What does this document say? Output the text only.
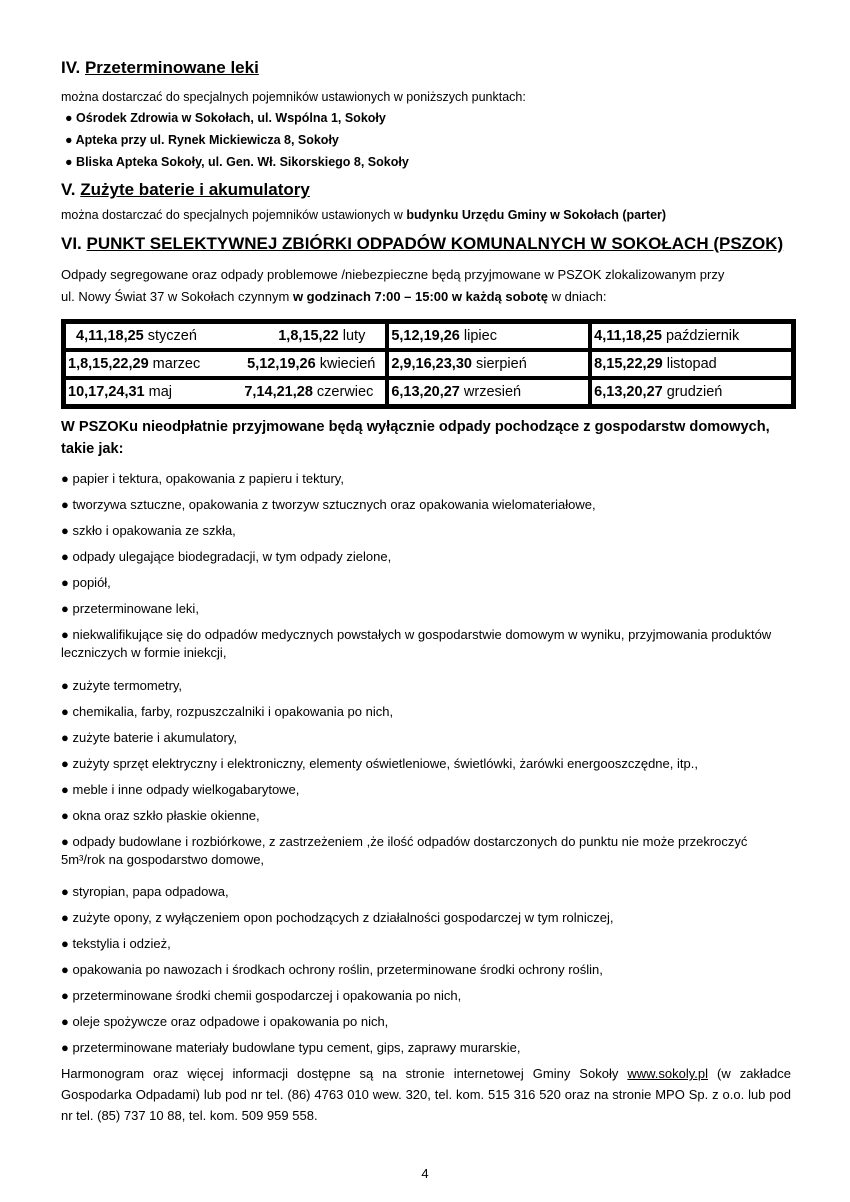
IV. Przeterminowane leki
można dostarczać do specjalnych pojemników ustawionych w poniższych punktach:
● Ośrodek Zdrowia w Sokołach, ul. Wspólna 1, Sokoły
● Apteka przy ul. Rynek Mickiewicza 8, Sokoły
● Bliska Apteka Sokoły, ul. Gen. Wł. Sikorskiego 8, Sokoły
V. Zużyte baterie i akumulatory
można dostarczać do specjalnych pojemników ustawionych w budynku Urzędu Gminy w Sokołach (parter)
VI. PUNKT SELEKTYWNEJ ZBIÓRKI ODPADÓW KOMUNALNYCH W SOKOŁACH (PSZOK)
Odpady segregowane oraz odpady problemowe /niebezpieczne będą przyjmowane w PSZOK zlokalizowanym przy
ul. Nowy Świat 37 w Sokołach czynnym w godzinach 7:00 – 15:00 w każdą sobotę w dniach:
4,11,18,25 styczeń 1,8,15,22 luty	5,12,19,26 lipiec	4,11,18,25 październik

1,8,15,22,29 marzec 5,12,19,26 kwiecień	2,9,16,23,30 sierpień	8,15,22,29 listopad

10,17,24,31 maj 7,14,21,28 czerwiec	6,13,20,27 wrzesień	6,13,20,27 grudzień
W PSZOKu nieodpłatnie przyjmowane będą wyłącznie odpady pochodzące z gospodarstw domowych, takie jak:
● papier i tektura, opakowania z papieru i tektury,
● tworzywa sztuczne, opakowania z tworzyw sztucznych oraz opakowania wielomateriałowe,
● szkło i opakowania ze szkła,
● odpady ulegające biodegradacji, w tym odpady zielone,
● popiół,
● przeterminowane leki,
● niekwalifikujące się do odpadów medycznych powstałych w gospodarstwie domowym w wyniku, przyjmowania produktów leczniczych w formie iniekcji,
● zużyte termometry,
● chemikalia, farby, rozpuszczalniki i opakowania po nich,
● zużyte baterie i akumulatory,
● zużyty sprzęt elektryczny i elektroniczny, elementy oświetleniowe, świetlówki, żarówki energooszczędne, itp.,
● meble i inne odpady wielkogabarytowe,
● okna oraz szkło płaskie okienne,
● odpady budowlane i rozbiórkowe, z zastrzeżeniem ,że ilość odpadów dostarczonych do punktu nie może przekroczyć 5m³/rok na gospodarstwo domowe,
● styropian, papa odpadowa,
● zużyte opony, z wyłączeniem opon pochodzących z działalności gospodarczej w tym rolniczej,
● tekstylia i odzież,
● opakowania po nawozach i środkach ochrony roślin, przeterminowane środki ochrony roślin,
● przeterminowane środki chemii gospodarczej i opakowania po nich,
● oleje spożywcze oraz odpadowe i opakowania po nich,
● przeterminowane materiały budowlane typu cement, gips, zaprawy murarskie,
Harmonogram oraz więcej informacji dostępne są na stronie internetowej Gminy Sokoły www.sokoly.pl (w zakładce Gospodarka Odpadami) lub pod nr tel. (86) 4763 010 wew. 320, tel. kom. 515 316 520 oraz na stronie MPO Sp. z o.o. lub pod nr tel. (85) 737 10 88, tel. kom. 509 959 558.
4
